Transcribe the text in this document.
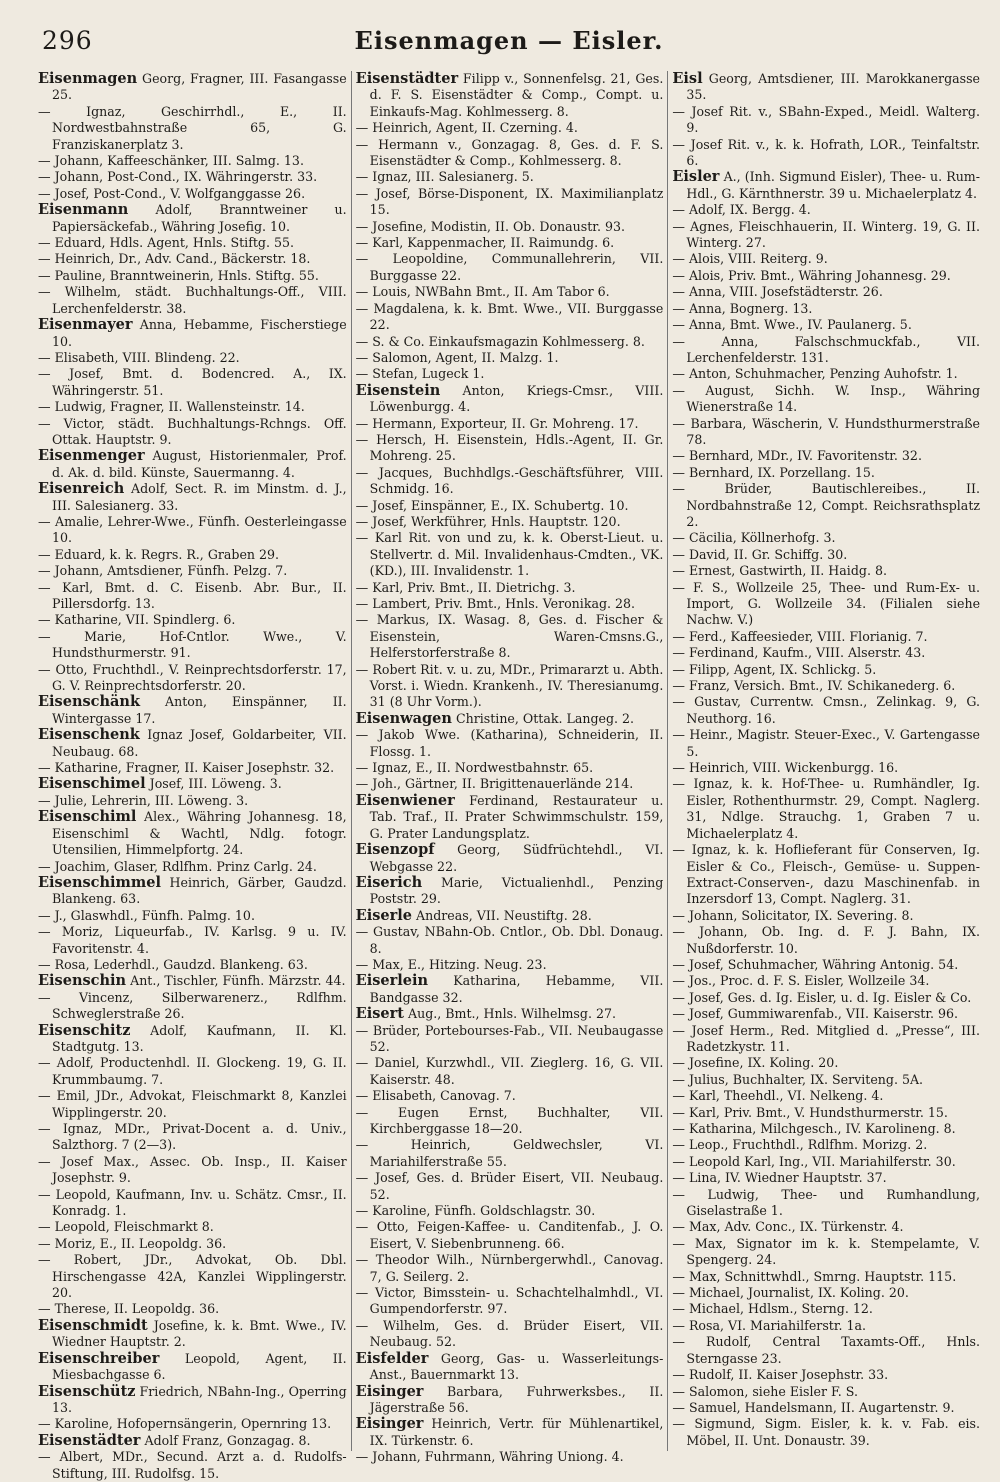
296	Eisenmagen — Eisler.
Eisenmagen Georg, Fragner, III. Fasangasse 25.
— Ignaz, Geschirrhdl., E., II. Nordwestbahnstraße 65, G. Franziskanerplatz 3.
— Johann, Kaffeeschänker, III. Salmg. 13.
— Johann, Post-Cond., IX. Währingerstr. 33.
— Josef, Post-Cond., V. Wolfganggasse 26.
Eisenmann Adolf, Branntweiner u. Papiersäckefab., Währing Josefig. 10.
— Eduard, Hdls. Agent, Hnls. Stiftg. 55.
— Heinrich, Dr., Adv. Cand., Bäckerstr. 18.
— Pauline, Branntweinerin, Hnls. Stiftg. 55.
— Wilhelm, städt. Buchhaltungs-Off., VIII. Lerchenfelderstr. 38.
Eisenmayer Anna, Hebamme, Fischerstiege 10.
— Elisabeth, VIII. Blindeng. 22.
— Josef, Bmt. d. Bodencred. A., IX. Währingerstr. 51.
— Ludwig, Fragner, II. Wallensteinstr. 14.
— Victor, städt. Buchhaltungs-Rchngs. Off. Ottak. Hauptstr. 9.
Eisenmenger August, Historienmaler, Prof. d. Ak. d. bild. Künste, Sauermanng. 4.
Eisenreich Adolf, Sect. R. im Minstm. d. J., III. Salesianerg. 33.
— Amalie, Lehrer-Wwe., Fünfh. Oesterleingasse 10.
— Eduard, k. k. Regrs. R., Graben 29.
— Johann, Amtsdiener, Fünfh. Pelzg. 7.
— Karl, Bmt. d. C. Eisenb. Abr. Bur., II. Pillersdorfg. 13.
— Katharine, VII. Spindlerg. 6.
— Marie, Hof-Cntlor. Wwe., V. Hundsthurmerstr. 91.
— Otto, Fruchthdl., V. Reinprechtsdorferstr. 17, G. V. Reinprechtsdorferstr. 20.
Eisenschänk Anton, Einspänner, II. Wintergasse 17.
Eisenschenk Ignaz Josef, Goldarbeiter, VII. Neubaug. 68.
— Katharine, Fragner, II. Kaiser Josephstr. 32.
Eisenschimel Josef, III. Löweng. 3.
— Julie, Lehrerin, III. Löweng. 3.
Eisenschiml Alex., Währing Johannesg. 18, Eisenschiml & Wachtl, Ndlg. fotogr. Utensilien, Himmelpfortg. 24.
— Joachim, Glaser, Rdlfhm. Prinz Carlg. 24.
Eisenschimmel Heinrich, Gärber, Gaudzd. Blankeng. 63.
— J., Glaswhdl., Fünfh. Palmg. 10.
— Moriz, Liqueurfab., IV. Karlsg. 9 u. IV. Favoritenstr. 4.
— Rosa, Lederhdl., Gaudzd. Blankeng. 63.
Eisenschin Ant., Tischler, Fünfh. Märzstr. 44.
— Vincenz, Silberwarenerz., Rdlfhm. Schweglerstraße 26.
Eisenschitz Adolf, Kaufmann, II. Kl. Stadtgutg. 13.
— Adolf, Productenhdl. II. Glockeng. 19, G. II. Krummbaumg. 7.
— Emil, JDr., Advokat, Fleischmarkt 8, Kanzlei Wipplingerstr. 20.
— Ignaz, MDr., Privat-Docent a. d. Univ., Salzthorg. 7 (2—3).
— Josef Max., Assec. Ob. Insp., II. Kaiser Josephstr. 9.
— Leopold, Kaufmann, Inv. u. Schätz. Cmsr., II. Konradg. 1.
— Leopold, Fleischmarkt 8.
— Moriz, E., II. Leopoldg. 36.
— Robert, JDr., Advokat, Ob. Dbl. Hirschengasse 42A, Kanzlei Wipplingerstr. 20.
— Therese, II. Leopoldg. 36.
Eisenschmidt Josefine, k. k. Bmt. Wwe., IV. Wiedner Hauptstr. 2.
Eisenschreiber Leopold, Agent, II. Miesbachgasse 6.
Eisenschütz Friedrich, NBahn-Ing., Operring 13.
— Karoline, Hofopernsängerin, Opernring 13.
Eisenstädter Adolf Franz, Gonzagag. 8.
— Albert, MDr., Secund. Arzt a. d. Rudolfs-Stiftung, III. Rudolfsg. 15.
Eisenstädter Filipp v., Sonnenfelsg. 21, Ges. d. F. S. Eisenstädter & Comp., Compt. u. Einkaufs-Mag. Kohlmesserg. 8.
— Heinrich, Agent, II. Czerning. 4.
— Hermann v., Gonzagag. 8, Ges. d. F. S. Eisenstädter & Comp., Kohlmesserg. 8.
— Ignaz, III. Salesianerg. 5.
— Josef, Börse-Disponent, IX. Maximilianplatz 15.
— Josefine, Modistin, II. Ob. Donaustr. 93.
— Karl, Kappenmacher, II. Raimundg. 6.
— Leopoldine, Communallehrerin, VII. Burggasse 22.
— Louis, NWBahn Bmt., II. Am Tabor 6.
— Magdalena, k. k. Bmt. Wwe., VII. Burggasse 22.
— S. & Co. Einkaufsmagazin Kohlmesserg. 8.
— Salomon, Agent, II. Malzg. 1.
— Stefan, Lugeck 1.
Eisenstein Anton, Kriegs-Cmsr., VIII. Löwenburgg. 4.
— Hermann, Exporteur, II. Gr. Mohreng. 17.
— Hersch, H. Eisenstein, Hdls.-Agent, II. Gr. Mohreng. 25.
— Jacques, Buchhdlgs.-Geschäftsführer, VIII. Schmidg. 16.
— Josef, Einspänner, E., IX. Schubertg. 10.
— Josef, Werkführer, Hnls. Hauptstr. 120.
— Karl Rit. von und zu, k. k. Oberst-Lieut. u. Stellvertr. d. Mil. Invalidenhaus-Cmdten., VK. (KD.), III. Invalidenstr. 1.
— Karl, Priv. Bmt., II. Dietrichg. 3.
— Lambert, Priv. Bmt., Hnls. Veronikag. 28.
— Markus, IX. Wasag. 8, Ges. d. Fischer & Eisenstein, Waren-Cmsns.G., Helferstorferstraße 8.
— Robert Rit. v. u. zu, MDr., Primararzt u. Abth. Vorst. i. Wiedn. Krankenh., IV. Theresianumg. 31 (8 Uhr Vorm.).
Eisenwagen Christine, Ottak. Langeg. 2.
— Jakob Wwe. (Katharina), Schneiderin, II. Flossg. 1.
— Ignaz, E., II. Nordwestbahnstr. 65.
— Joh., Gärtner, II. Brigittenauerlände 214.
Eisenwiener Ferdinand, Restaurateur u. Tab. Traf., II. Prater Schwimmschulstr. 159, G. Prater Landungsplatz.
Eisenzopf Georg, Südfrüchtehdl., VI. Webgasse 22.
Eiserich Marie, Victualienhdl., Penzing Poststr. 29.
Eiserle Andreas, VII. Neustiftg. 28.
— Gustav, NBahn-Ob. Cntlor., Ob. Dbl. Donaug. 8.
— Max, E., Hitzing. Neug. 23.
Eiserlein Katharina, Hebamme, VII. Bandgasse 32.
Eisert Aug., Bmt., Hnls. Wilhelmsg. 27.
— Brüder, Portebourses-Fab., VII. Neubaugasse 52.
— Daniel, Kurzwhdl., VII. Zieglerg. 16, G. VII. Kaiserstr. 48.
— Elisabeth, Canovag. 7.
— Eugen Ernst, Buchhalter, VII. Kirchberggasse 18—20.
— Heinrich, Geldwechsler, VI. Mariahilferstraße 55.
— Josef, Ges. d. Brüder Eisert, VII. Neubaug. 52.
— Karoline, Fünfh. Goldschlagstr. 30.
— Otto, Feigen-Kaffee- u. Canditenfab., J. O. Eisert, V. Siebenbrunneng. 66.
— Theodor Wilh., Nürnbergerwhdl., Canovag. 7, G. Seilerg. 2.
— Victor, Bimsstein- u. Schachtelhalmhdl., VI. Gumpendorferstr. 97.
— Wilhelm, Ges. d. Brüder Eisert, VII. Neubaug. 52.
Eisfelder Georg, Gas- u. Wasserleitungs-Anst., Bauernmarkt 13.
Eisinger Barbara, Fuhrwerksbes., II. Jägerstraße 56.
Eisinger Heinrich, Vertr. für Mühlenartikel, IX. Türkenstr. 6.
— Johann, Fuhrmann, Währing Uniong. 4.
Eisl Georg, Amtsdiener, III. Marokkanergasse 35.
— Josef Rit. v., SBahn-Exped., Meidl. Walterg. 9.
— Josef Rit. v., k. k. Hofrath, LOR., Teinfaltstr. 6.
Eisler A., (Inh. Sigmund Eisler), Thee- u. Rum-Hdl., G. Kärnthnerstr. 39 u. Michaelerplatz 4.
— Adolf, IX. Bergg. 4.
— Agnes, Fleischhauerin, II. Winterg. 19, G. II. Winterg. 27.
— Alois, VIII. Reiterg. 9.
— Alois, Priv. Bmt., Währing Johannesg. 29.
— Anna, VIII. Josefstädterstr. 26.
— Anna, Bognerg. 13.
— Anna, Bmt. Wwe., IV. Paulanerg. 5.
— Anna, Falschschmuckfab., VII. Lerchenfelderstr. 131.
— Anton, Schuhmacher, Penzing Auhofstr. 1.
— August, Sichh. W. Insp., Währing Wienerstraße 14.
— Barbara, Wäscherin, V. Hundsthurmerstraße 78.
— Bernhard, MDr., IV. Favoritenstr. 32.
— Bernhard, IX. Porzellang. 15.
— Brüder, Bautischlereibes., II. Nordbahnstraße 12, Compt. Reichsrathsplatz 2.
— Cäcilia, Köllnerhofg. 3.
— David, II. Gr. Schiffg. 30.
— Ernest, Gastwirth, II. Haidg. 8.
— F. S., Wollzeile 25, Thee- und Rum-Ex- u. Import, G. Wollzeile 34. (Filialen siehe Nachw. V.)
— Ferd., Kaffeesieder, VIII. Florianig. 7.
— Ferdinand, Kaufm., VIII. Alserstr. 43.
— Filipp, Agent, IX. Schlickg. 5.
— Franz, Versich. Bmt., IV. Schikanederg. 6.
— Gustav, Currentw. Cmsn., Zelinkag. 9, G. Neuthorg. 16.
— Heinr., Magistr. Steuer-Exec., V. Gartengasse 5.
— Heinrich, VIII. Wickenburgg. 16.
— Ignaz, k. k. Hof-Thee- u. Rumhändler, Ig. Eisler, Rothenthurmstr. 29, Compt. Naglerg. 31, Ndlge. Strauchg. 1, Graben 7 u. Michaelerplatz 4.
— Ignaz, k. k. Hoflieferant für Conserven, Ig. Eisler & Co., Fleisch-, Gemüse- u. Suppen-Extract-Conserven-, dazu Maschinenfab. in Inzersdorf 13, Compt. Naglerg. 31.
— Johann, Solicitator, IX. Severing. 8.
— Johann, Ob. Ing. d. F. J. Bahn, IX. Nußdorferstr. 10.
— Josef, Schuhmacher, Währing Antonig. 54.
— Jos., Proc. d. F. S. Eisler, Wollzeile 34.
— Josef, Ges. d. Ig. Eisler, u. d. Ig. Eisler & Co.
— Josef, Gummiwarenfab., VII. Kaiserstr. 96.
— Josef Herm., Red. Mitglied d. „Presse“, III. Radetzkystr. 11.
— Josefine, IX. Koling. 20.
— Julius, Buchhalter, IX. Serviteng. 5A.
— Karl, Theehdl., VI. Nelkeng. 4.
— Karl, Priv. Bmt., V. Hundsthurmerstr. 15.
— Katharina, Milchgesch., IV. Karolineng. 8.
— Leop., Fruchthdl., Rdlfhm. Morizg. 2.
— Leopold Karl, Ing., VII. Mariahilferstr. 30.
— Lina, IV. Wiedner Hauptstr. 37.
— Ludwig, Thee- und Rumhandlung, Giselastraße 1.
— Max, Adv. Conc., IX. Türkenstr. 4.
— Max, Signator im k. k. Stempelamte, V. Spengerg. 24.
— Max, Schnittwhdl., Smrng. Hauptstr. 115.
— Michael, Journalist, IX. Koling. 20.
— Michael, Hdlsm., Sterng. 12.
— Rosa, VI. Mariahilferstr. 1a.
— Rudolf, Central Taxamts-Off., Hnls. Sterngasse 23.
— Rudolf, II. Kaiser Josephstr. 33.
— Salomon, siehe Eisler F. S.
— Samuel, Handelsmann, II. Augartenstr. 9.
— Sigmund, Sigm. Eisler, k. k. v. Fab. eis. Möbel, II. Unt. Donaustr. 39.
